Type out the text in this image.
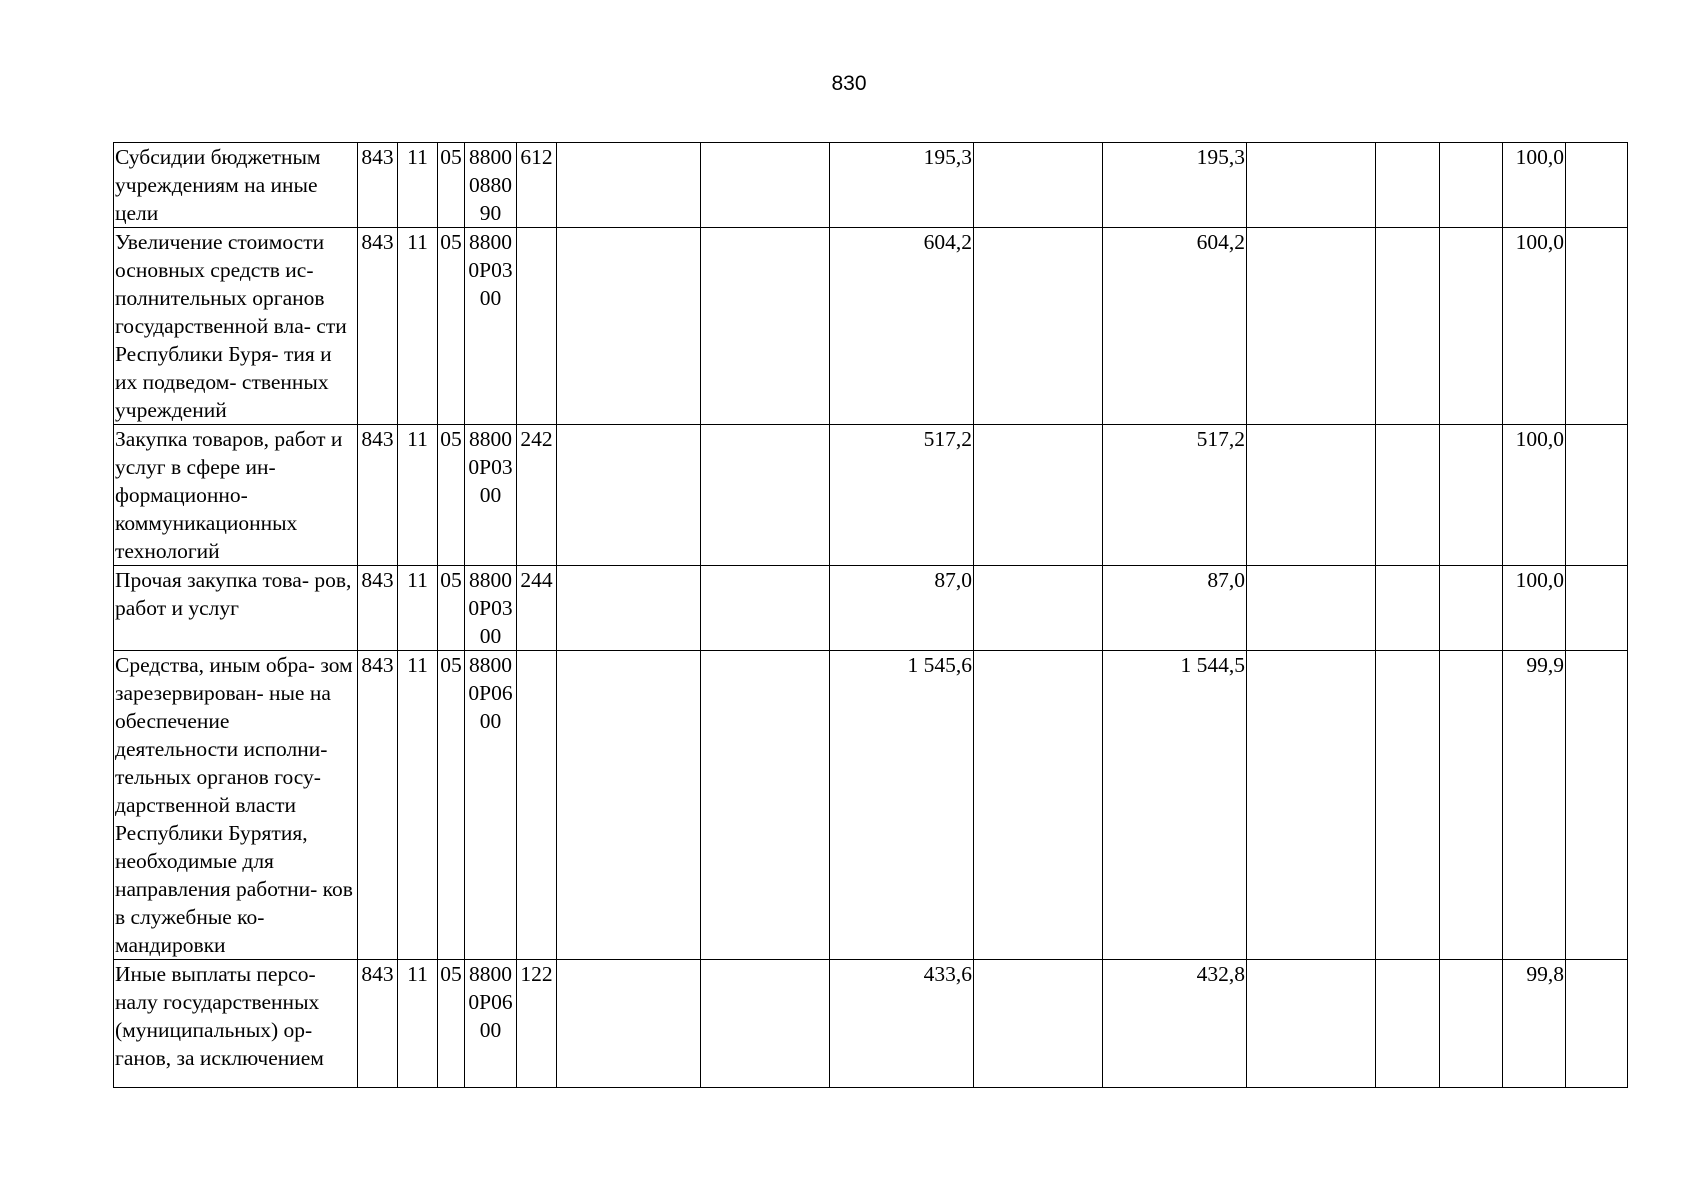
830
Субсидии бюджетным учреждениям на иные цели	843	11	05	8800 0880 90	612			195,3		195,3				100,0	
Увеличение стоимости основных средств ис- полнительных органов государственной вла- сти Республики Буря- тия и их подведом- ственных учреждений	843	11	05	8800 0Р03 00				604,2		604,2				100,0	
Закупка товаров, работ и услуг в сфере ин- формационно- коммуникационных технологий	843	11	05	8800 0Р03 00	242			517,2		517,2				100,0	
Прочая закупка това- ров, работ и услуг	843	11	05	8800 0Р03 00	244			87,0		87,0				100,0	
Средства, иным обра- зом зарезервирован- ные на обеспечение деятельности исполни- тельных органов госу- дарственной власти Республики Бурятия, необходимые для направления работни- ков в служебные ко- мандировки	843	11	05	8800 0Р06 00				1 545,6		1 544,5				99,9	
Иные выплаты персо- налу государственных (муниципальных) ор- ганов, за исключением	843	11	05	8800 0Р06 00	122			433,6		432,8				99,8	
